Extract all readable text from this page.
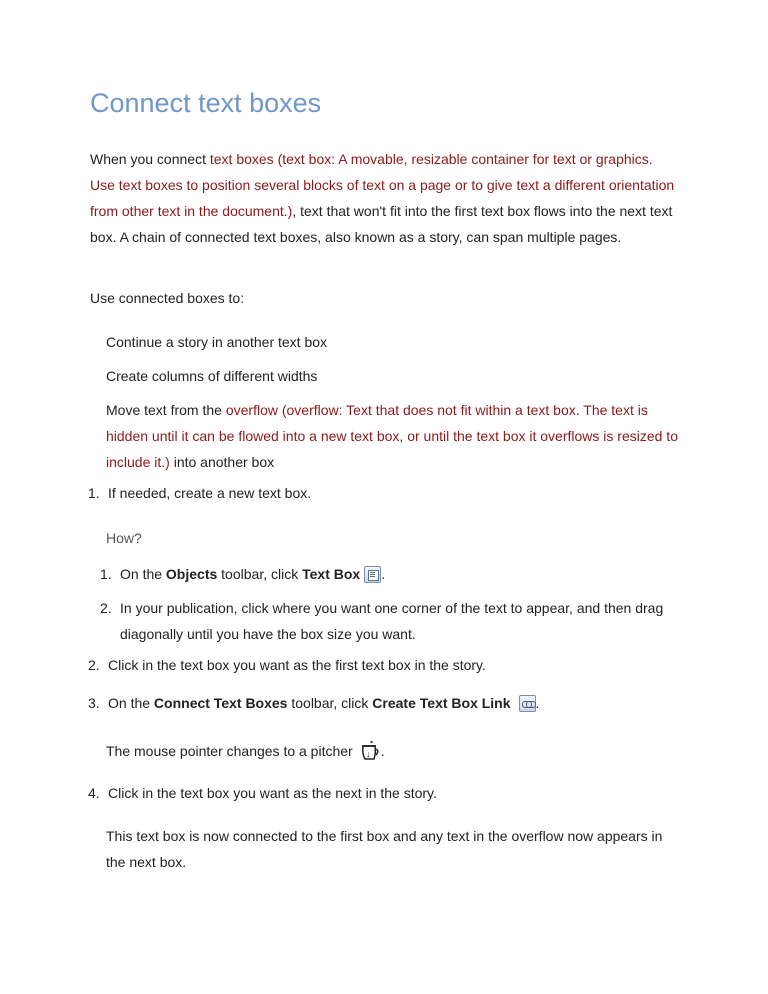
Connect text boxes

When you connect text boxes (text box: A movable, resizable container for text or graphics. Use text boxes to position several blocks of text on a page or to give text a different orientation from other text in the document.), text that won't fit into the first text box flows into the next text box. A chain of connected text boxes, also known as a story, can span multiple pages.

Use connected boxes to:

Continue a story in another text box

Create columns of different widths

Move text from the overflow (overflow: Text that does not fit within a text box. The text is hidden until it can be flowed into a new text box, or until the text box it overflows is resized to include it.) into another box

1. If needed, create a new text box.

How?

1. On the Objects toolbar, click Text Box .

2. In your publication, click where you want one corner of the text to appear, and then drag diagonally until you have the box size you want.

2. Click in the text box you want as the first text box in the story.

3. On the Connect Text Boxes toolbar, click Create Text Box Link .

The mouse pointer changes to a pitcher ↓ .

4. Click in the text box you want as the next in the story.

This text box is now connected to the first box and any text in the overflow now appears in the next box.
